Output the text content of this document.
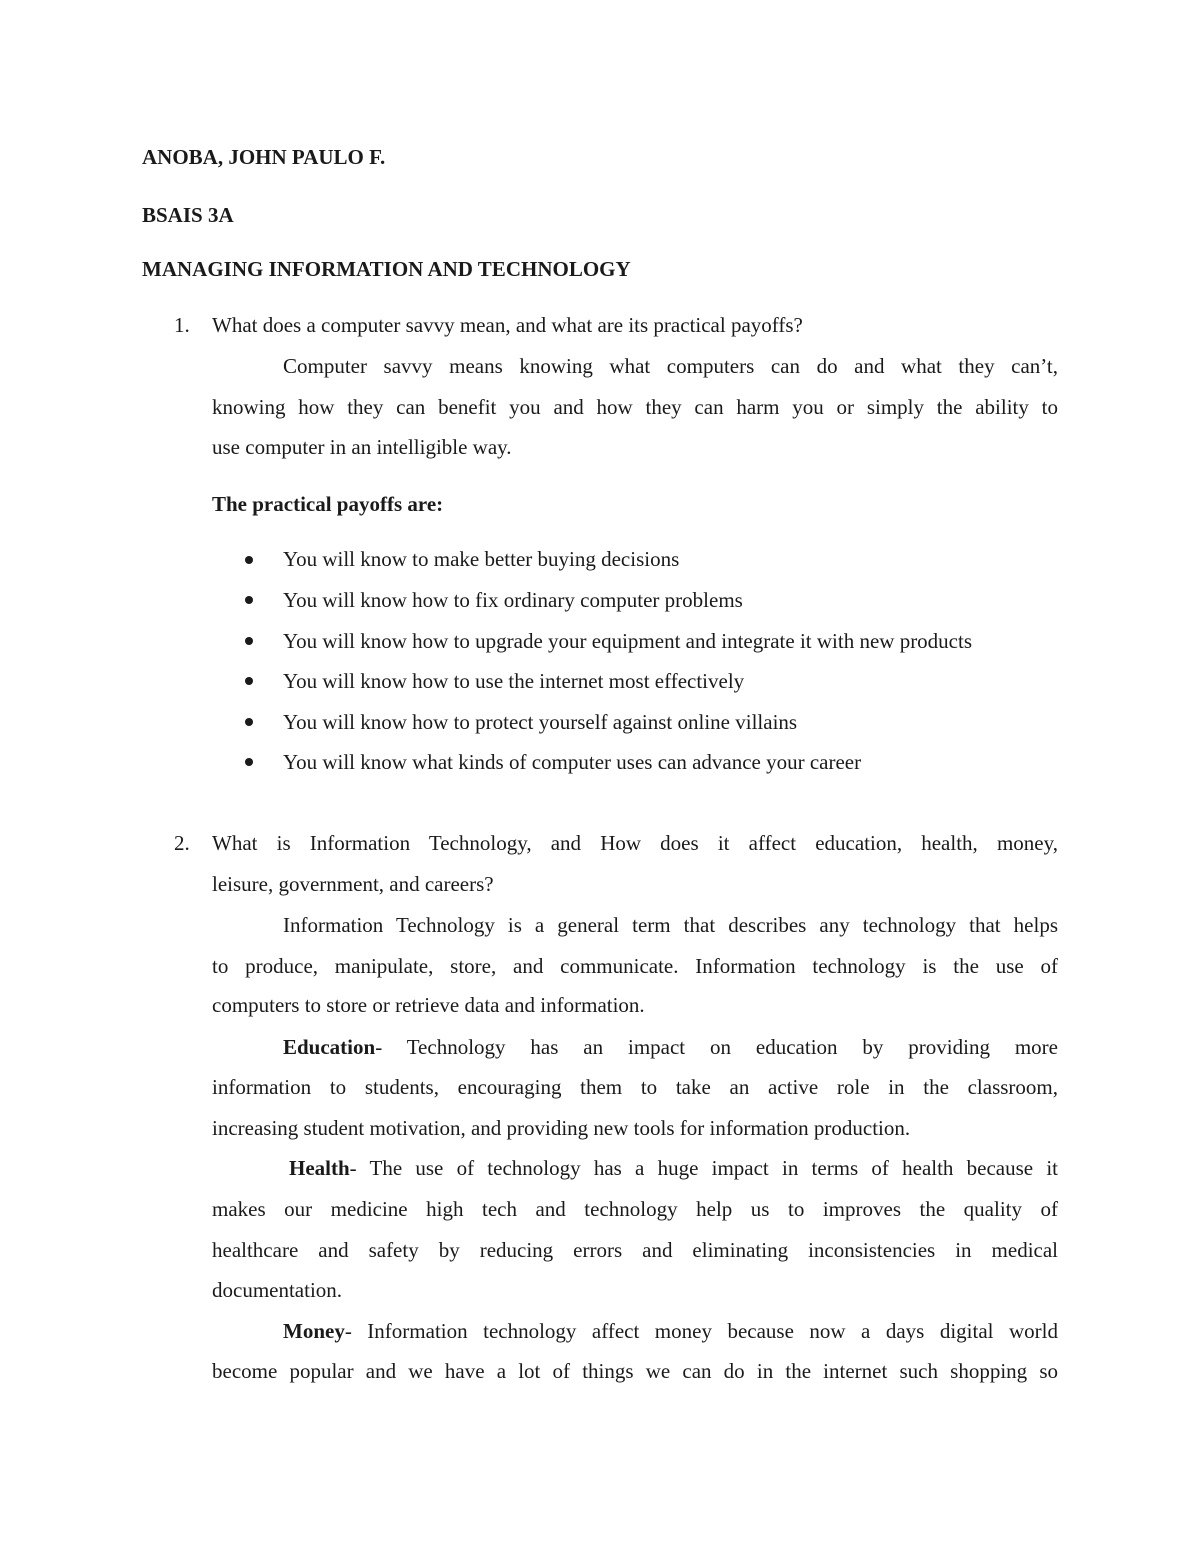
ANOBA, JOHN PAULO F.
BSAIS 3A
MANAGING INFORMATION AND TECHNOLOGY
1. What does a computer savvy mean, and what are its practical payoffs?
Computer savvy means knowing what computers can do and what they can’t,
knowing how they can benefit you and how they can harm you or simply the ability to
use computer in an intelligible way.
The practical payoffs are:
You will know to make better buying decisions
You will know how to fix ordinary computer problems
You will know how to upgrade your equipment and integrate it with new products
You will know how to use the internet most effectively
You will know how to protect yourself against online villains
You will know what kinds of computer uses can advance your career
2. What is Information Technology, and How does it affect education, health, money,
leisure, government, and careers?
Information Technology is a general term that describes any technology that helps
to produce, manipulate, store, and communicate. Information technology is the use of
computers to store or retrieve data and information.
Education - Technology has an impact on education by providing more
information to students, encouraging them to take an active role in the classroom,
increasing student motivation, and providing new tools for information production.
Health - The use of technology has a huge impact in terms of health because it
makes our medicine high tech and technology help us to improves the quality of
healthcare and safety by reducing errors and eliminating inconsistencies in medical
documentation.
Money - Information technology affect money because now a days digital world
become popular and we have a lot of things we can do in the internet such shopping so
